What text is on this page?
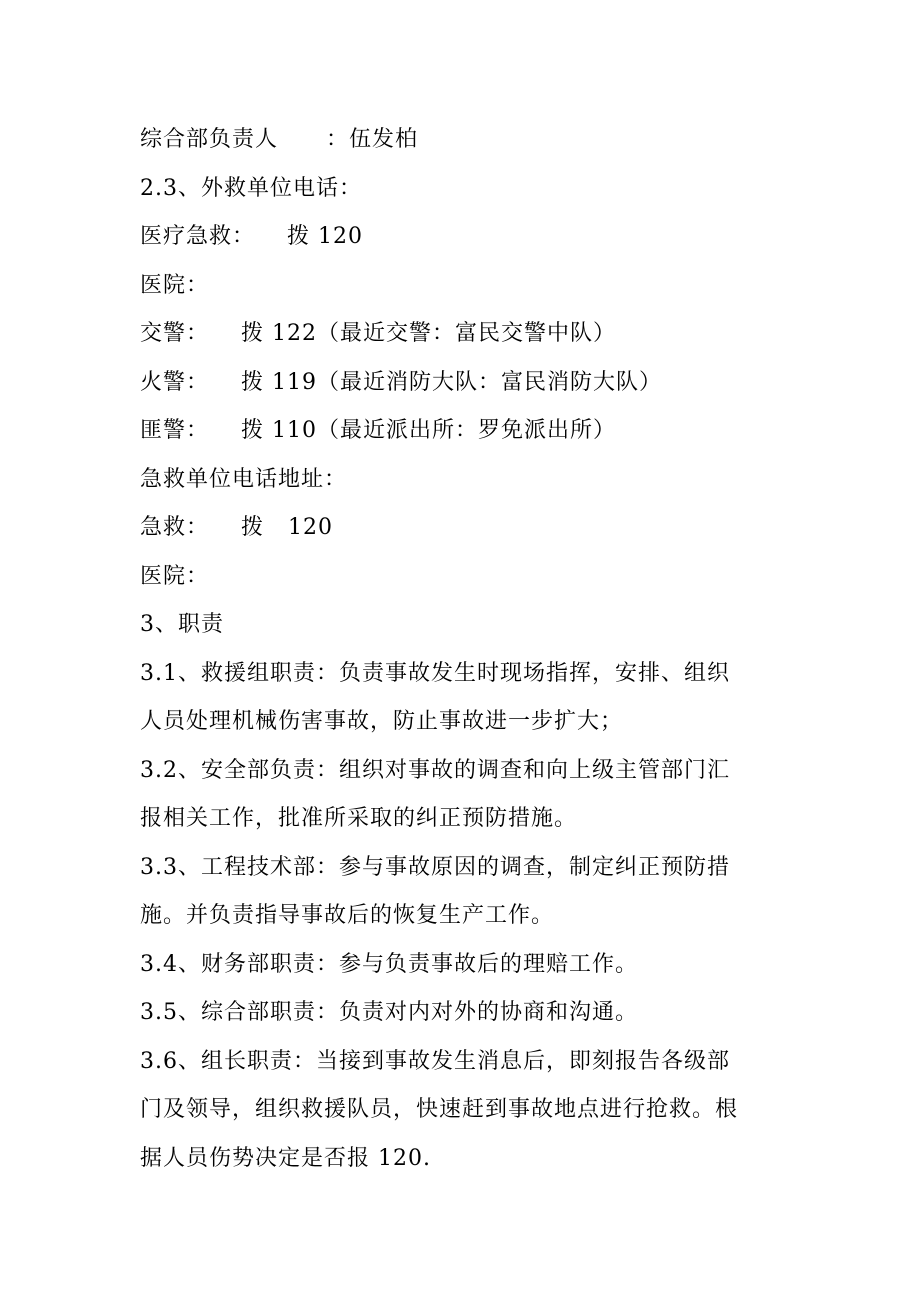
综合部负责人      ：伍发柏
2.3、外救单位电话：
医疗急救：    拨 120
医院：
交警：    拨 122（最近交警：富民交警中队）
火警：    拨 119（最近消防大队：富民消防大队）
匪警：    拨 110（最近派出所：罗免派出所）
急救单位电话地址：
急救：    拨   120
医院：
3、职责
3.1、救援组职责：负责事故发生时现场指挥，安排、组织
人员处理机械伤害事故，防止事故进一步扩大；
3.2、安全部负责：组织对事故的调查和向上级主管部门汇
报相关工作，批准所采取的纠正预防措施。
3.3、工程技术部：参与事故原因的调查，制定纠正预防措
施。并负责指导事故后的恢复生产工作。
3.4、财务部职责：参与负责事故后的理赔工作。
3.5、综合部职责：负责对内对外的协商和沟通。
3.6、组长职责：当接到事故发生消息后，即刻报告各级部
门及领导，组织救援队员，快速赶到事故地点进行抢救。根
据人员伤势决定是否报 120.
